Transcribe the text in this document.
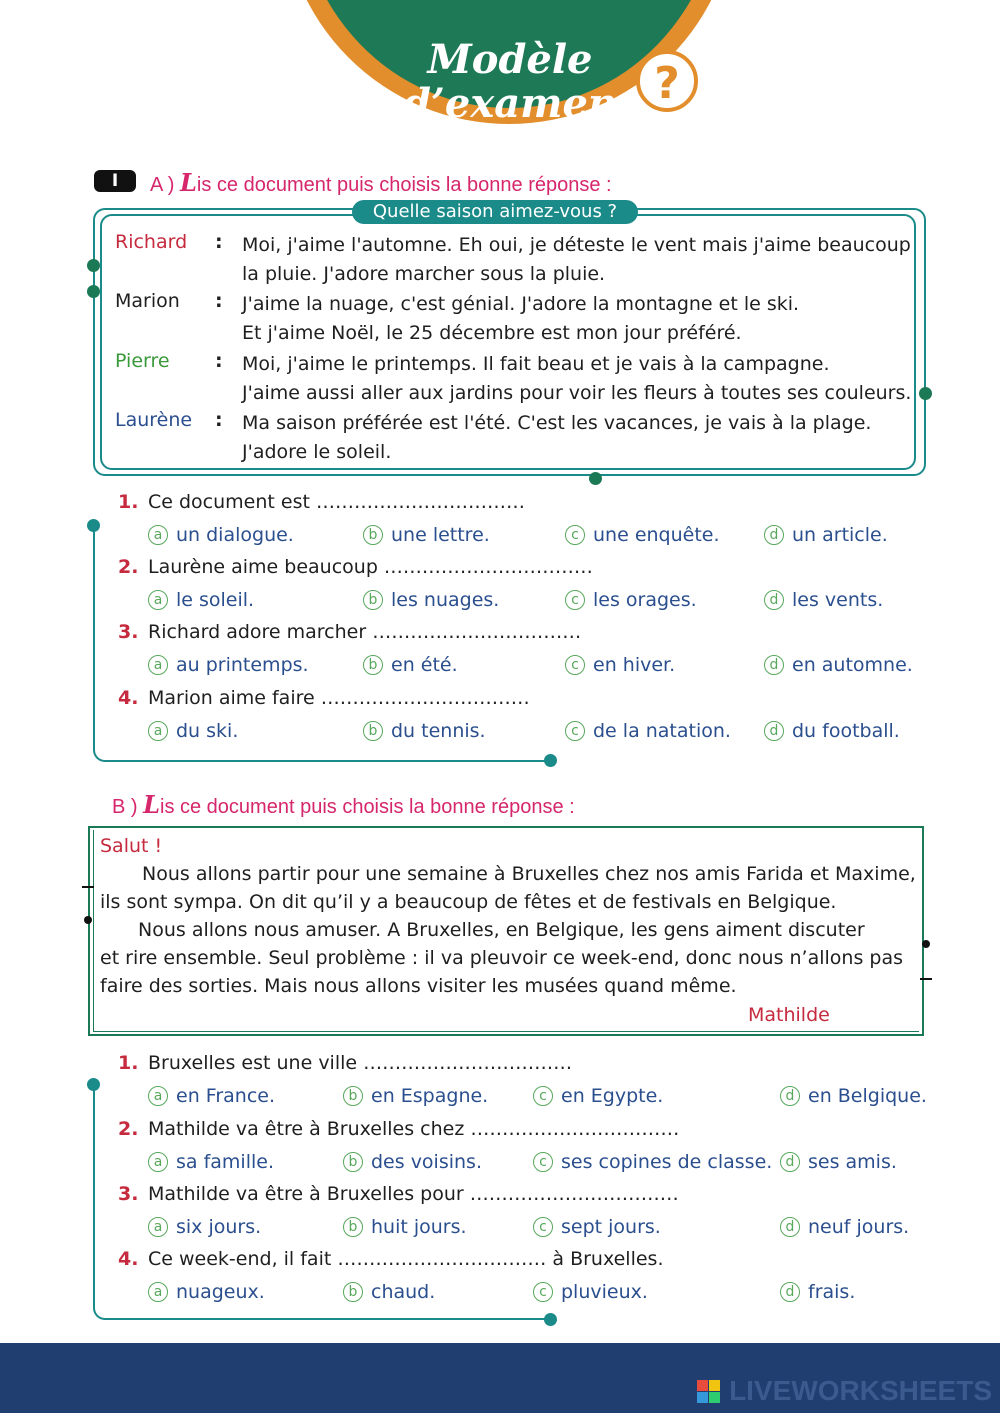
Modèle
d’examen ?
I	A ) Lis ce document puis choisis la bonne réponse :
Quelle saison aimez-vous ?
Richard : Moi, j'aime l'automne. Eh oui, je déteste le vent mais j'aime beaucoup
la pluie. J'adore marcher sous la pluie.
Marion : J'aime la nuage, c'est génial. J'adore la montagne et le ski.
Et j'aime Noël, le 25 décembre est mon jour préféré.
Pierre : Moi, j'aime le printemps. Il fait beau et je vais à la campagne.
J'aime aussi aller aux jardins pour voir les fleurs à toutes ses couleurs.
Laurène : Ma saison préférée est l'été. C'est les vacances, je vais à la plage.
J'adore le soleil.
1. Ce document est ……………………………
a un dialogue.	b une lettre.	c une enquête.	d un article.
2. Laurène aime beaucoup ……………………………
a le soleil.	b les nuages.	c les orages.	d les vents.
3. Richard adore marcher ……………………………
a au printemps.	b en été.	c en hiver.	d en automne.
4. Marion aime faire ……………………………
a du ski.	b du tennis.	c de la natation.	d du football.
B ) Lis ce document puis choisis la bonne réponse :
Salut !
Nous allons partir pour une semaine à Bruxelles chez nos amis Farida et Maxime,
ils sont sympa. On dit qu’il y a beaucoup de fêtes et de festivals en Belgique.
Nous allons nous amuser. A Bruxelles, en Belgique, les gens aiment discuter
et rire ensemble. Seul problème : il va pleuvoir ce week-end, donc nous n’allons pas
faire des sorties. Mais nous allons visiter les musées quand même.
Mathilde
1. Bruxelles est une ville ……………………………
a en France.	b en Espagne.	c en Egypte.	d en Belgique.
2. Mathilde va être à Bruxelles chez ……………………………
a sa famille.	b des voisins.	c ses copines de classe. d ses amis.
3. Mathilde va être à Bruxelles pour ……………………………
a six jours.	b huit jours.	c sept jours.	d neuf jours.
4. Ce week-end, il fait …………………………… à Bruxelles.
a nuageux.	b chaud.	c pluvieux.	d frais.
LIVEWORKSHEETS
